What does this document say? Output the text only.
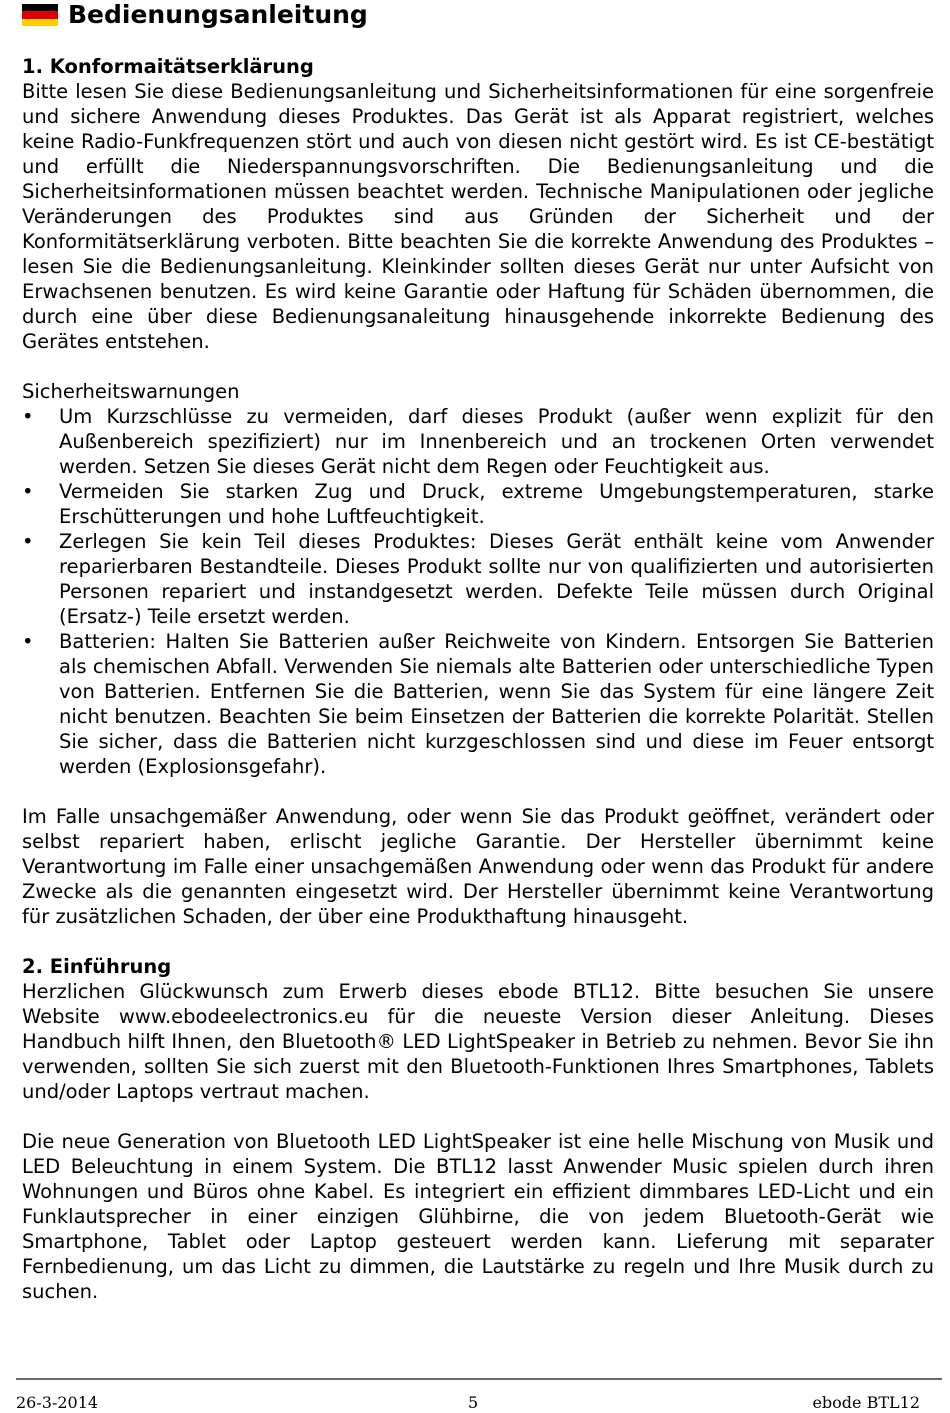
Bedienungsanleitung
1. Konformaitätserklärung

Bitte lesen Sie diese Bedienungsanleitung und Sicherheitsinformationen für eine sorgenfreie und sichere Anwendung dieses Produktes. Das Gerät ist als Apparat registriert, welches keine Radio-Funkfrequenzen stört und auch von diesen nicht gestört wird. Es ist CE-bestätigt und erfüllt die Niederspannungsvorschriften. Die Bedienungsanleitung und die Sicherheitsinformationen müssen beachtet werden. Technische Manipulationen oder jegliche Veränderungen des Produktes sind aus Gründen der Sicherheit und der Konformitätserklärung verboten. Bitte beachten Sie die korrekte Anwendung des Produktes – lesen Sie die Bedienungsanleitung. Kleinkinder sollten dieses Gerät nur unter Aufsicht von Erwachsenen benutzen. Es wird keine Garantie oder Haftung für Schäden übernommen, die durch eine über diese Bedienungsanaleitung hinausgehende inkorrekte Bedienung des Gerätes entstehen.

Sicherheitswarnungen
• Um Kurzschlüsse zu vermeiden, darf dieses Produkt (außer wenn explizit für den Außenbereich spezifiziert) nur im Innenbereich und an trockenen Orten verwendet werden. Setzen Sie dieses Gerät nicht dem Regen oder Feuchtigkeit aus.
• Vermeiden Sie starken Zug und Druck, extreme Umgebungstemperaturen, starke Erschütterungen und hohe Luftfeuchtigkeit.
• Zerlegen Sie kein Teil dieses Produktes: Dieses Gerät enthält keine vom Anwender reparierbaren Bestandteile. Dieses Produkt sollte nur von qualifizierten und autorisierten Personen repariert und instandgesetzt werden. Defekte Teile müssen durch Original (Ersatz-) Teile ersetzt werden.
• Batterien: Halten Sie Batterien außer Reichweite von Kindern. Entsorgen Sie Batterien als chemischen Abfall. Verwenden Sie niemals alte Batterien oder unterschiedliche Typen von Batterien. Entfernen Sie die Batterien, wenn Sie das System für eine längere Zeit nicht benutzen. Beachten Sie beim Einsetzen der Batterien die korrekte Polarität. Stellen Sie sicher, dass die Batterien nicht kurzgeschlossen sind und diese im Feuer entsorgt werden (Explosionsgefahr).

Im Falle unsachgemäßer Anwendung, oder wenn Sie das Produkt geöffnet, verändert oder selbst repariert haben, erlischt jegliche Garantie. Der Hersteller übernimmt keine Verantwortung im Falle einer unsachgemäßen Anwendung oder wenn das Produkt für andere Zwecke als die genannten eingesetzt wird. Der Hersteller übernimmt keine Verantwortung für zusätzlichen Schaden, der über eine Produkthaftung hinausgeht.

2. Einführung

Herzlichen Glückwunsch zum Erwerb dieses ebode BTL12. Bitte besuchen Sie unsere Website www.ebodeelectronics.eu für die neueste Version dieser Anleitung. Dieses Handbuch hilft Ihnen, den Bluetooth® LED LightSpeaker in Betrieb zu nehmen. Bevor Sie ihn verwenden, sollten Sie sich zuerst mit den Bluetooth-Funktionen Ihres Smartphones, Tablets und/oder Laptops vertraut machen.

Die neue Generation von Bluetooth LED LightSpeaker ist eine helle Mischung von Musik und LED Beleuchtung in einem System. Die BTL12 lasst Anwender Music spielen durch ihren Wohnungen und Büros ohne Kabel. Es integriert ein effizient dimmbares LED-Licht und ein Funklautsprecher in einer einzigen Glühbirne, die von jedem Bluetooth-Gerät wie Smartphone, Tablet oder Laptop gesteuert werden kann. Lieferung mit separater Fernbedienung, um das Licht zu dimmen, die Lautstärke zu regeln und Ihre Musik durch zu suchen.

26-3-2014	5	ebode BTL12
